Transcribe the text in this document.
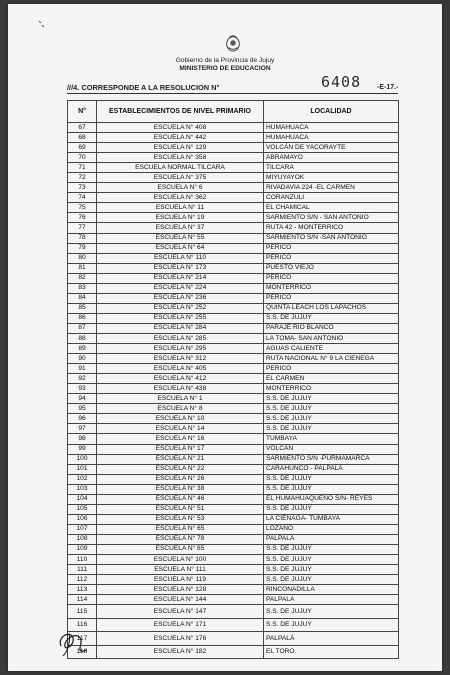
Gobierno de la Provincia de Jujuy
MINISTERIO DE EDUCACION
///4. CORRESPONDE A LA RESOLUCION N°	6408 -E-17.-
N°	ESTABLECIMIENTOS DE NIVEL PRIMARIO	LOCALIDAD
67	ESCUELA N° 408	HUMAHUACA
68	ESCUELA N° 442	HUMAHUACA
69	ESCUELA N° 129	VOLCÁN DE YACORAYTE
70	ESCUELA N° 358	ABRAMAYO
71	ESCUELA NORMAL TILCARA	TILCARA
72	ESCUELA N° 375	MIYUYAYOK
73	ESCUELA N° 6	RIVADAVIA 224 -EL CARMEN
74	ESCUELA N° 362	CORANZULI
75	ESCUELA N° 11	EL CHAMICAL
76	ESCUELA N° 19	SARMIENTO S/N - SAN ANTONIO
77	ESCUELA N° 37	RUTA 42 - MONTERRICO
78	ESCUELA N° 55	SARMIENTO S/N -SAN ANTONIO
79	ESCUELA N° 64	PERICO
80	ESCUELA N° 110	PERICO
81	ESCUELA N° 173	PUESTO VIEJO
82	ESCUELA N° 214	PERICO
83	ESCUELA N° 224	MONTERRICO
84	ESCUELA N° 236	PERICO
85	ESCUELA N° 252	QUINTA LEACH LOS LAPACHOS
86	ESCUELA N° 255	S.S. DE JUJUY
87	ESCUELA N° 284	PARAJE RIO BLANCO
88	ESCUELA N° 285	LA TOMA- SAN ANTONIO
89	ESCUELA N° 295	AGUAS CALIENTE
90	ESCUELA N° 312	RUTA NACIONAL N° 9 LA CIENEGA
91	ESCUELA N° 405	PERICO
92	ESCUELA N° 412	EL CARMEN
93	ESCUELA N° 438	MONTERRICO
94	ESCUELA N° 1	S.S. DE JUJUY
95	ESCUELA N° 8	S.S. DE JUJUY
96	ESCUELA N° 10	S.S. DE JUJUY
97	ESCUELA N° 14	S.S. DE JUJUY
98	ESCUELA N° 16	TUMBAYA
99	ESCUELA N° 17	VOLCÁN
100	ESCUELA N° 21	SARMIENTO S/N -PURMAMARCA
101	ESCUELA N° 22	CARAHUNCO - PALPALÁ
102	ESCUELA N° 26	S.S. DE JUJUY
103	ESCUELA N° 38	S.S. DE JUJUY
104	ESCUELA N° 46	EL HUMAHUAQUEÑO S/N- REYES
105	ESCUELA N° 51	S.S. DE JUJUY
106	ESCUELA N° 53	LA CIÉNAGA- TUMBAYA
107	ESCUELA N° 65	LOZANO
108	ESCUELA N° 78	PALPALÁ
109	ESCUELA N° 85	S.S. DE JUJUY
110	ESCUELA N° 100	S.S. DE JUJUY
111	ESCUELA N° 111	S.S. DE JUJUY
112	ESCUELA N° 119	S.S. DE JUJUY
113	ESCUELA N° 128	RINCONADILLA
114	ESCUELA N° 144	PALPALA
115	ESCUELA N° 147	S.S. DE JUJUY
116	ESCUELA N° 171	S.S. DE JUJUY
117	ESCUELA N° 176	PALPALÁ
118	ESCUELA N° 182	EL TORO
